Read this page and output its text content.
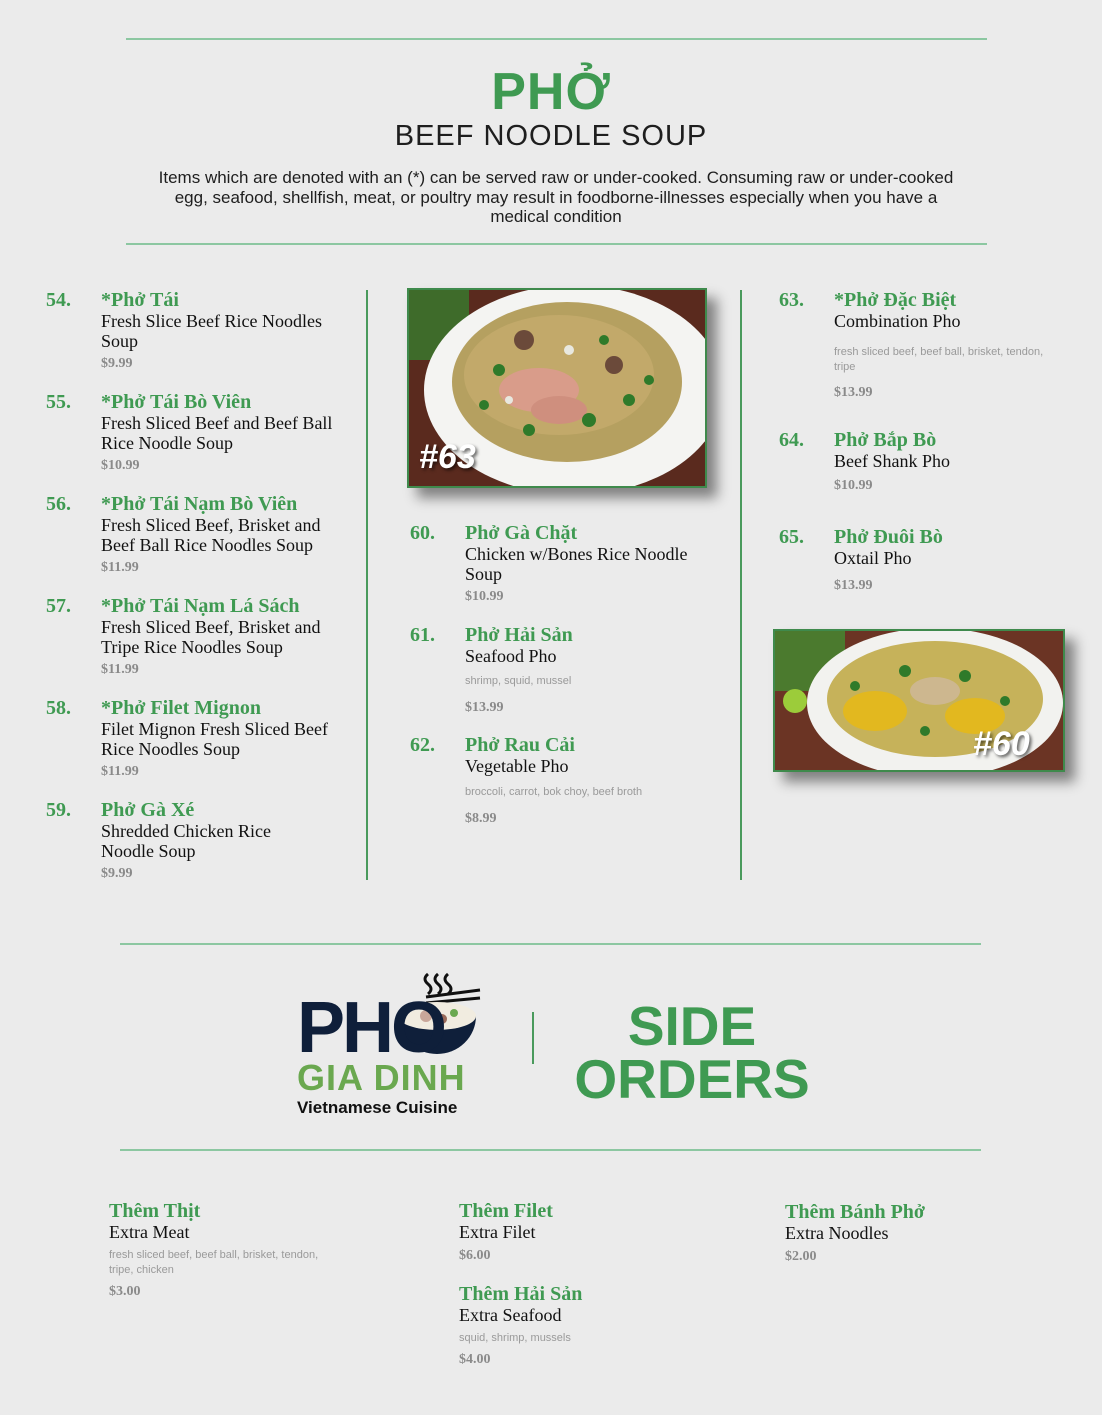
PHỞ
BEEF NOODLE SOUP
Items which are denoted with an (*) can be served raw or under-cooked. Consuming raw or under-cooked egg, seafood, shellfish, meat, or poultry may result in foodborne-illnesses especially when you have a medical condition
54. *Phở Tái
Fresh Slice Beef Rice Noodles Soup
$9.99
55. *Phở Tái Bò Viên
Fresh Sliced Beef and Beef Ball Rice Noodle Soup
$10.99
56. *Phở Tái Nạm Bò Viên
Fresh Sliced Beef, Brisket and Beef Ball Rice Noodles Soup
$11.99
57. *Phở Tái Nạm Lá Sách
Fresh Sliced Beef, Brisket and Tripe Rice Noodles Soup
$11.99
58. *Phở Filet Mignon
Filet Mignon Fresh Sliced Beef Rice Noodles Soup
$11.99
59. Phở Gà Xé
Shredded Chicken Rice Noodle Soup
$9.99
#63
60. Phở Gà Chặt
Chicken w/Bones Rice Noodle Soup
$10.99
61. Phở Hải Sản
Seafood Pho
shrimp, squid, mussel
$13.99
62. Phở Rau Cải
Vegetable Pho
broccoli, carrot, bok choy, beef broth
$8.99
63. *Phở Đặc Biệt
Combination Pho
fresh sliced beef, beef ball, brisket, tendon, tripe
$13.99
64. Phở Bắp Bò
Beef Shank Pho
$10.99
65. Phở Đuôi Bò
Oxtail Pho
$13.99
#60
PHO
GIA DINH
Vietnamese Cuisine
SIDE
ORDERS
Thêm Thịt
Extra Meat
fresh sliced beef, beef ball, brisket, tendon, tripe, chicken
$3.00
Thêm Filet
Extra Filet
$6.00
Thêm Hải Sản
Extra Seafood
squid, shrimp, mussels
$4.00
Thêm Bánh Phở
Extra Noodles
$2.00
